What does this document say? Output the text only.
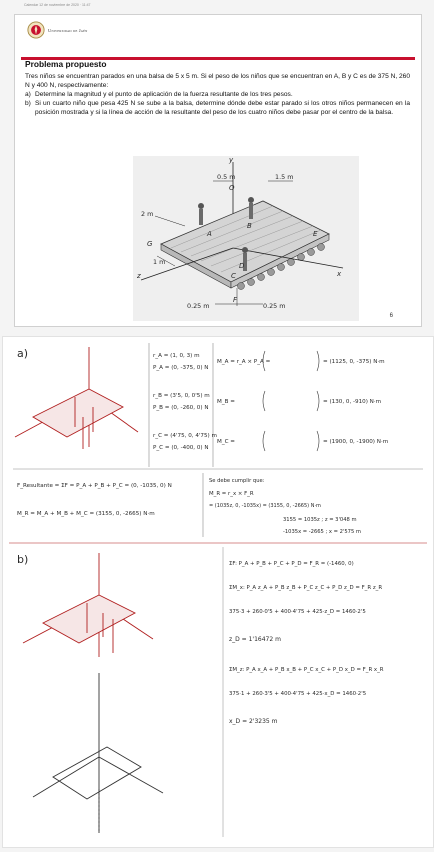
Calendar 12 de noviembre de 2020 · 11:47
Universidad de Jaén
Problema propuesto

Tres niños se encuentran parados en una balsa de 5 x 5 m. Si el peso de los niños que se encuentran en A, B y C es de 375 N, 260 N y 400 N, respectivamente:

a) Determine la magnitud y el punto de aplicación de la fuerza resultante de los tres pesos.
b) Si un cuarto niño que pesa 425 N se sube a la balsa, determine dónde debe estar parado si los otros niños permanecen en la posición mostrada y si la línea de acción de la resultante del peso de los cuatro niños debe pasar por el centro de la balsa.
0.5 m	1.5 m
2 m
1 m
0.25 m	0.25 m
y
x
z
O
A
B
C
D
E
F
G
6
a)	r_A = (1, 0, 3) m
P_A = (0, -375, 0) N
r_B = (3'5, 0, 0'5) m
P_B = (0, -260, 0) N
r_C = (4'75, 0, 4'75) m
P_C = (0, -400, 0) N
M_A = r_A × P_A =	= (1125, 0, -375) N·m
M_B =	= (130, 0, -910) N·m
M_C =	= (1900, 0, -1900) N·m
F_Resultante = ΣF = P_A + P_B + P_C = (0, -1035, 0) N
M_R = M_A + M_B + M_C = (3155, 0, -2665) N·m
Se debe cumplir que:
M_R = r_x × F_R
= (1035z, 0, -1035x) = (3155, 0, -2665) N·m
3155 = 1035z ; z = 3'048 m
-1035x = -2665 ; x = 2'575 m
b)	ΣF: P_A + P_B + P_C + P_D = F_R = (-1460, 0)
ΣM_x: P_A z_A + P_B z_B + P_C z_C + P_D z_D = F_R z_R
375·3 + 260·0'5 + 400·4'75 + 425·z_D = 1460·2'5
z_D = 1'16472 m
ΣM_z: P_A x_A + P_B x_B + P_C x_C + P_D x_D = F_R x_R
375·1 + 260·3'5 + 400·4'75 + 425·x_D = 1460·2'5
x_D = 2'3235 m
